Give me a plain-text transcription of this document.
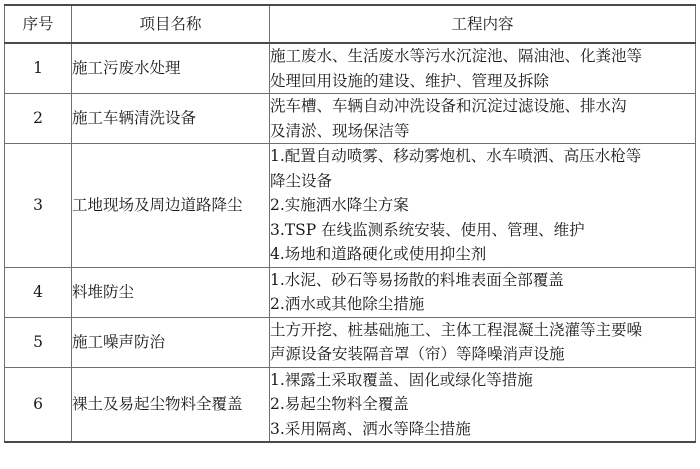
序号	项目名称	工程内容
1	施工污废水处理	施工废水、生活废水等污水沉淀池、隔油池、化粪池等
处理回用设施的建设、维护、管理及拆除

2	施工车辆清洗设备	洗车槽、车辆自动冲洗设备和沉淀过滤设施、排水沟
及清淤、现场保洁等

3	工地现场及周边道路降尘	1.配置自动喷雾、移动雾炮机、水车喷洒、高压水枪等
降尘设备
2.实施洒水降尘方案
3.TSP 在线监测系统安装、使用、管理、维护
4.场地和道路硬化或使用抑尘剂

4	料堆防尘	1.水泥、砂石等易扬散的料堆表面全部覆盖
2.洒水或其他除尘措施

5	施工噪声防治	土方开挖、桩基础施工、主体工程混凝土浇灌等主要噪
声源设备安装隔音罩（帘）等降噪消声设施

6	裸土及易起尘物料全覆盖	1.裸露土采取覆盖、固化或绿化等措施
2.易起尘物料全覆盖
3.采用隔离、洒水等降尘措施
